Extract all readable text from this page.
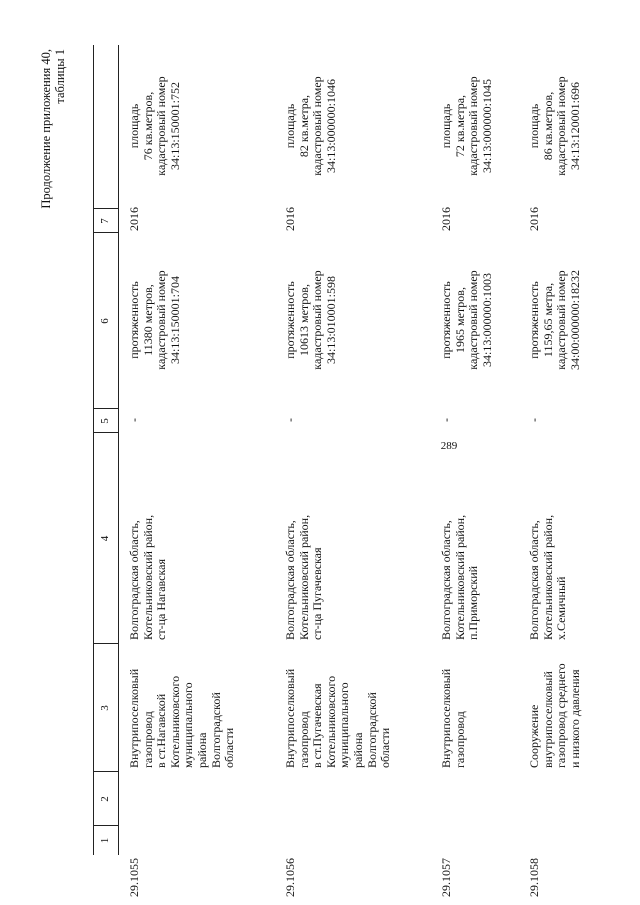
289
Продолжение приложения 40, таблицы 1
1
2
3
4
5
6
7
29.1055
Внутрипоселковый газопровод в ст.Нагавской Котельниковского муниципального района Волгоградской области
Волгоградская область, Котельниковский район, ст-ца Нагавская
-
протяженность 11380 метров, кадастровый номер 34:13:150001:704
2016
площадь 76 кв.метров, кадастровый номер 34:13:150001:752
29.1056
Внутрипоселковый газопровод в ст.Пугачевская Котельниковского муниципального района Волгоградской области
Волгоградская область, Котельниковский район, ст-ца Пугачевская
-
протяженность 10613 метров, кадастровый номер 34:13:010001:598
2016
площадь 82 кв.метра, кадастровый номер 34:13:000000:1046
29.1057
Внутрипоселковый газопровод
Волгоградская область, Котельниковский район, п.Приморский
-
протяженность 1965 метров, кадастровый номер 34:13:000000:1003
2016
площадь 72 кв.метра, кадастровый номер 34:13:000000:1045
29.1058
Сооружение внутрипоселковый газопровод среднего и низкого давления
Волгоградская область, Котельниковский район, х.Семичный
-
протяженность 1159,65 метра, кадастровый номер 34:00:000000:18232
2016
площадь 86 кв.метров, кадастровый номер 34:13:120001:696
